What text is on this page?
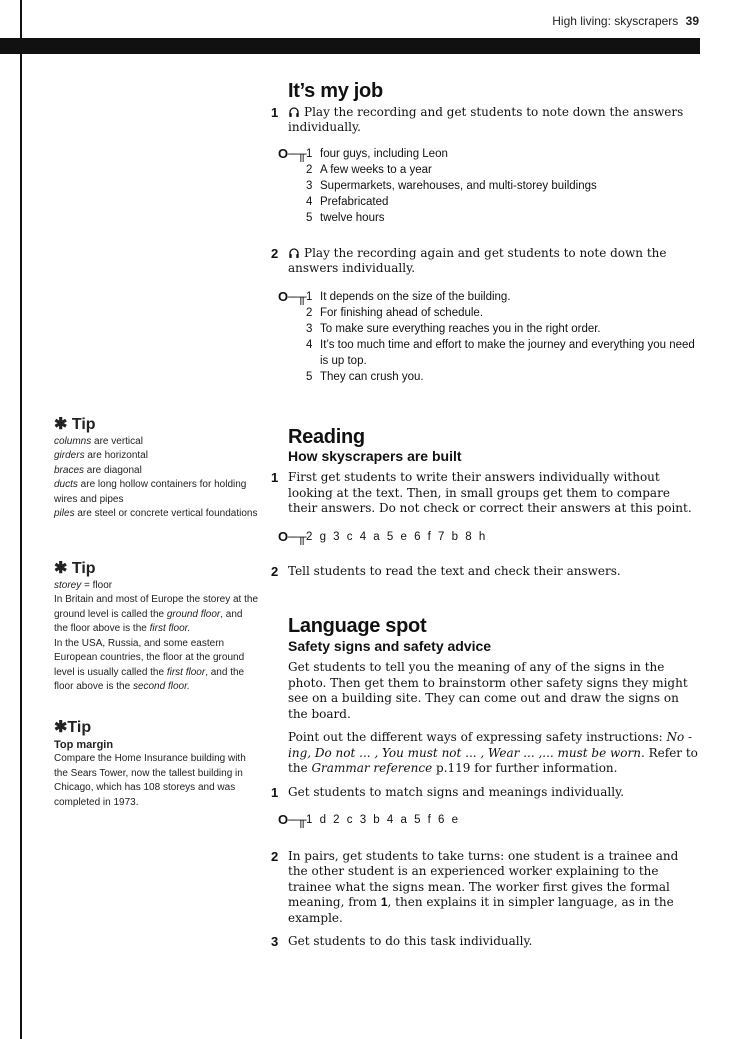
High living: skyscrapers 39
It’s my job
1 Play the recording and get students to note down the answers individually.
O─╥ 1 four guys, including Leon
2 A few weeks to a year
3 Supermarkets, warehouses, and multi-storey buildings
4 Prefabricated
5 twelve hours
2 Play the recording again and get students to note down the answers individually.
O─╥ 1 It depends on the size of the building.
2 For finishing ahead of schedule.
3 To make sure everything reaches you in the right order.
4 It’s too much time and effort to make the journey and everything you need is up top.
5 They can crush you.
Reading
How skyscrapers are built
1 First get students to write their answers individually without looking at the text. Then, in small groups get them to compare their answers. Do not check or correct their answers at this point.
O─╥ 2 g 3 c 4 a 5 e 6 f 7 b 8 h
2 Tell students to read the text and check their answers.
Language spot
Safety signs and safety advice
Get students to tell you the meaning of any of the signs in the photo. Then get them to brainstorm other safety signs they might see on a building site. They can come out and draw the signs on the board.
Point out the different ways of expressing safety instructions: No -ing, Do not ... , You must not ... , Wear ... ,... must be worn. Refer to the Grammar reference p.119 for further information.
1 Get students to match signs and meanings individually.
O─╥ 1 d 2 c 3 b 4 a 5 f 6 e
2 In pairs, get students to take turns: one student is a trainee and the other student is an experienced worker explaining to the trainee what the signs mean. The worker first gives the formal meaning, from 1, then explains it in simpler language, as in the example.
3 Get students to do this task individually.
✱ Tip
columns are vertical
girders are horizontal
braces are diagonal
ducts are long hollow containers for holding wires and pipes
piles are steel or concrete vertical foundations
✱ Tip
storey = floor
In Britain and most of Europe the storey at the ground level is called the ground floor, and the floor above is the first floor.
In the USA, Russia, and some eastern European countries, the floor at the ground level is usually called the first floor, and the floor above is the second floor.
✱Tip
Top margin
Compare the Home Insurance building with the Sears Tower, now the tallest building in Chicago, which has 108 storeys and was completed in 1973.
